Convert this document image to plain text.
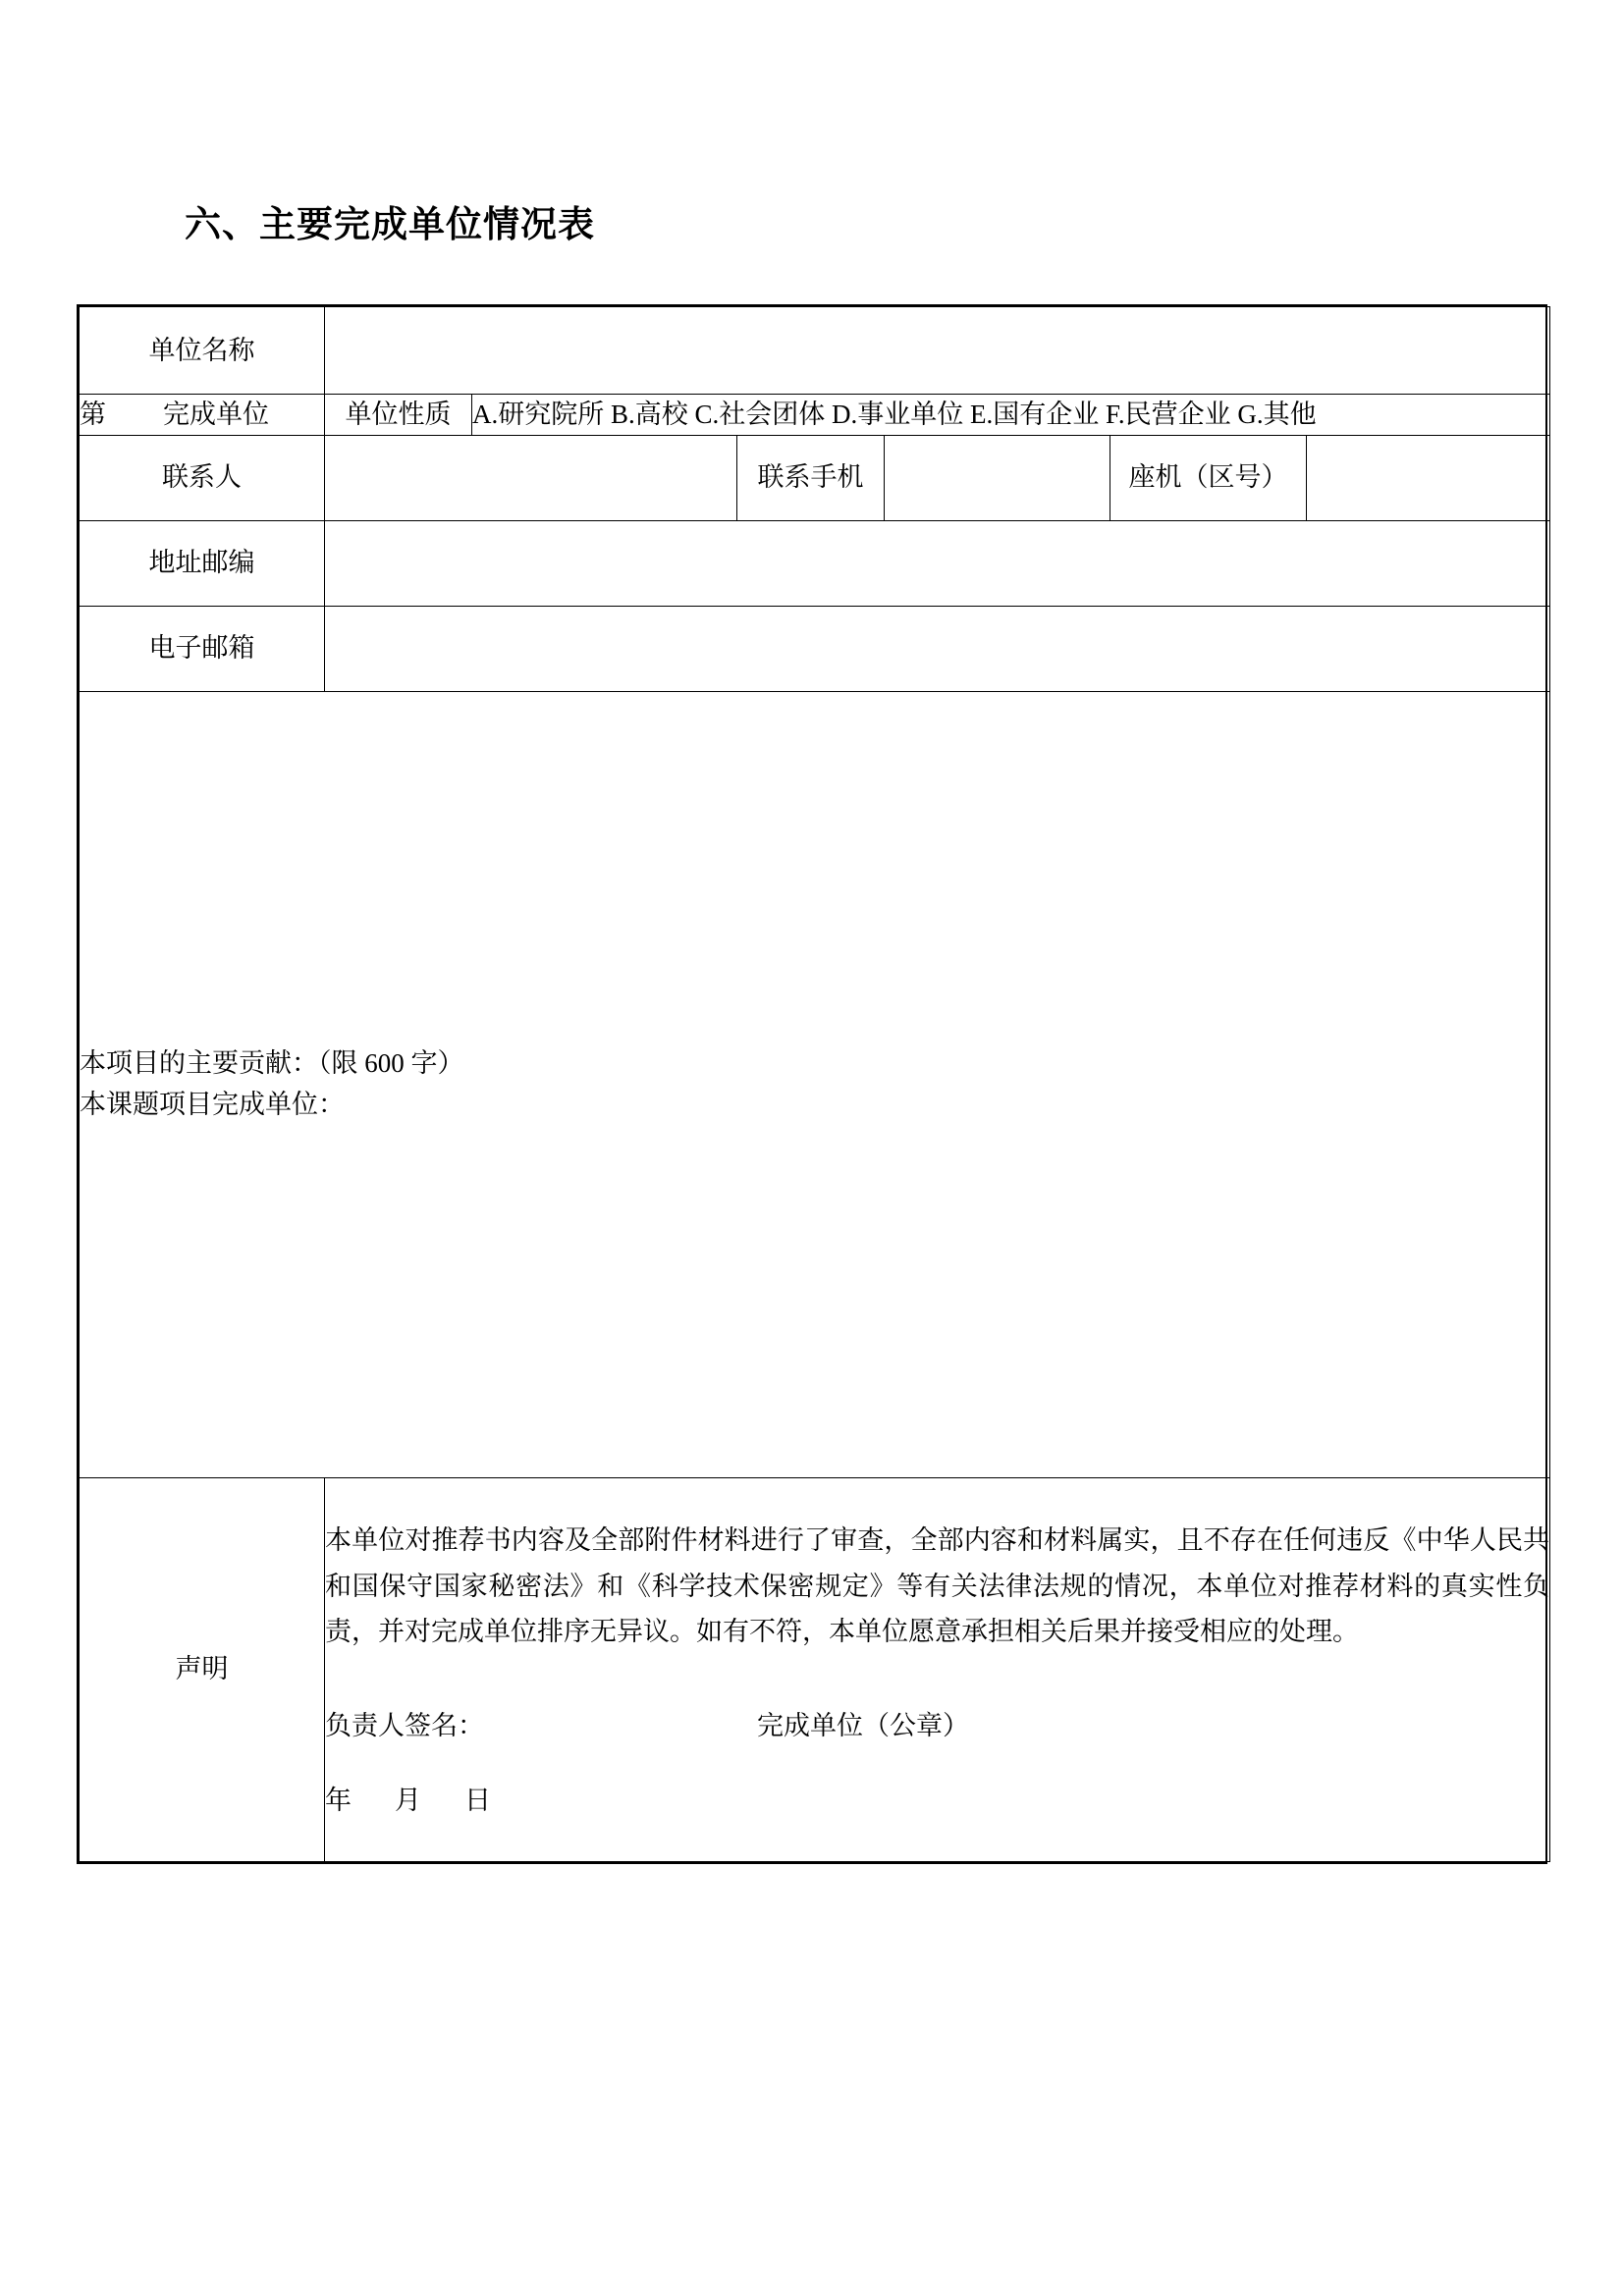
六、主要完成单位情况表
单位名称						
第 完成单位	单位性质	A.研究院所 B.高校 C.社会团体 D.事业单位 E.国有企业 F.民营企业 G.其他				
联系人			联系手机		座机（区号）	
地址邮编						
电子邮箱						

本项目的主要贡献：（限 600 字）
本课题项目完成单位：						

声明	本单位对推荐书内容及全部附件材料进行了审查，全部内容和材料属实，且不存在任何违反《中华人民共和国保守国家秘密法》和《科学技术保密规定》等有关法律法规的情况，本单位对推荐材料的真实性负责，并对完成单位排序无异议。如有不符，本单位愿意承担相关后果并接受相应的处理。

负责人签名： 完成单位（公章）
年 月 日					
